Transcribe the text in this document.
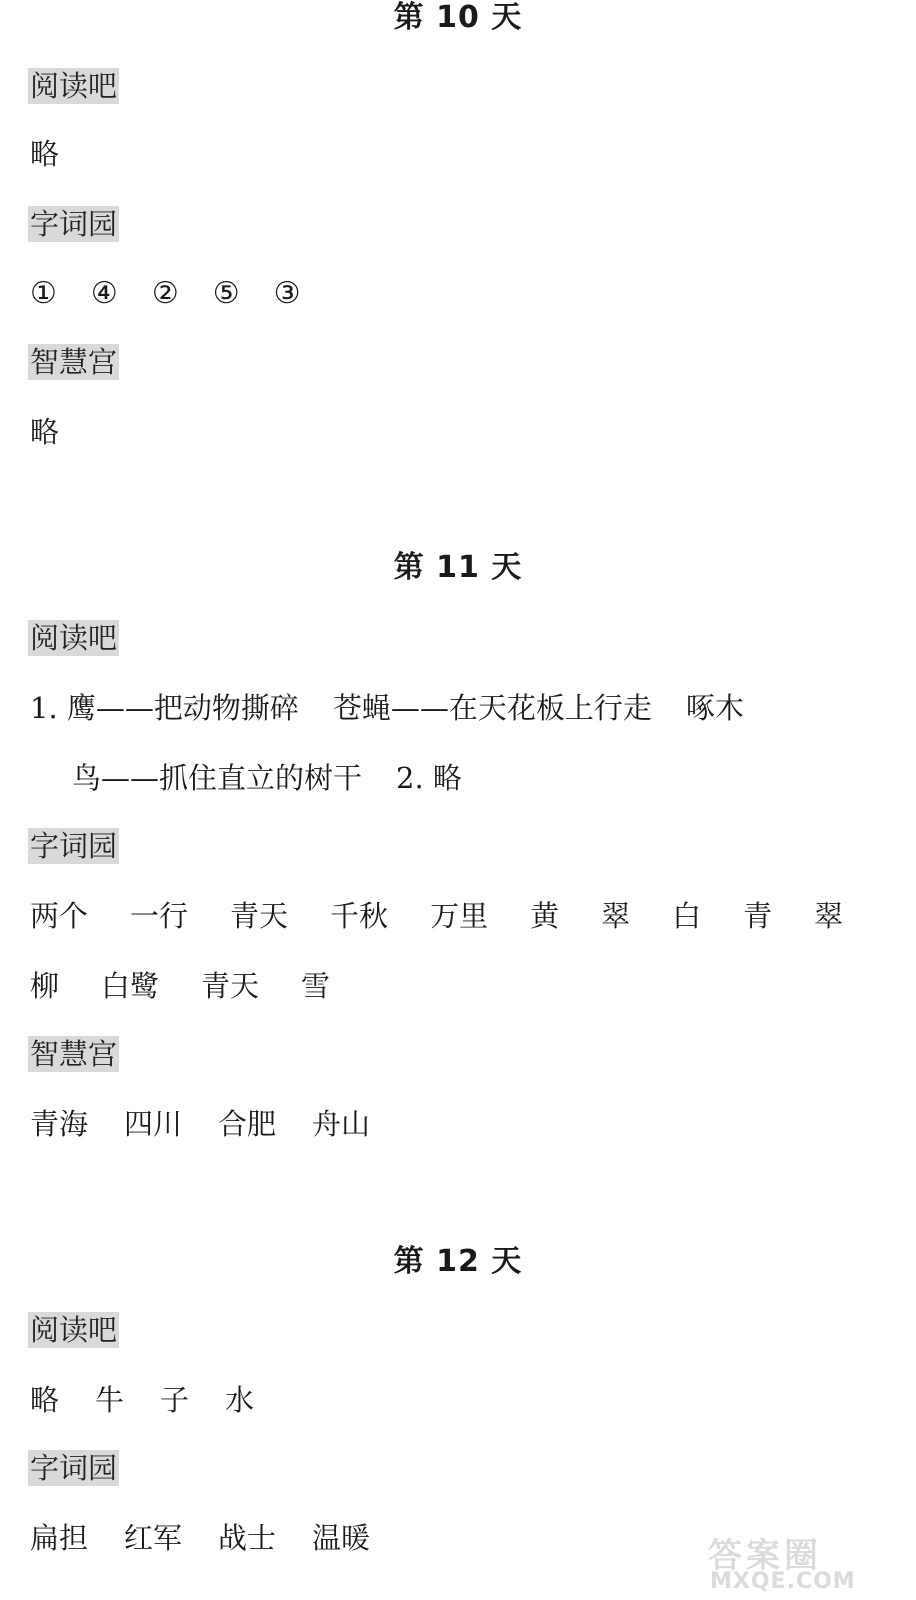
第 10 天
阅读吧
略
字词园
① ④ ② ⑤ ③
智慧宫
略
第 11 天
阅读吧
1. 鹰——把动物撕碎 苍蝇——在天花板上行走 啄木
鸟——抓住直立的树干 2. 略
字词园
两个 一行 青天 千秋 万里 黄 翠 白 青 翠
柳 白鹭 青天 雪
智慧宫
青海 四川 合肥 舟山
第 12 天
阅读吧
略 牛 子 水
字词园
扁担 红军 战士 温暖	答案圈
MXQE.COM
